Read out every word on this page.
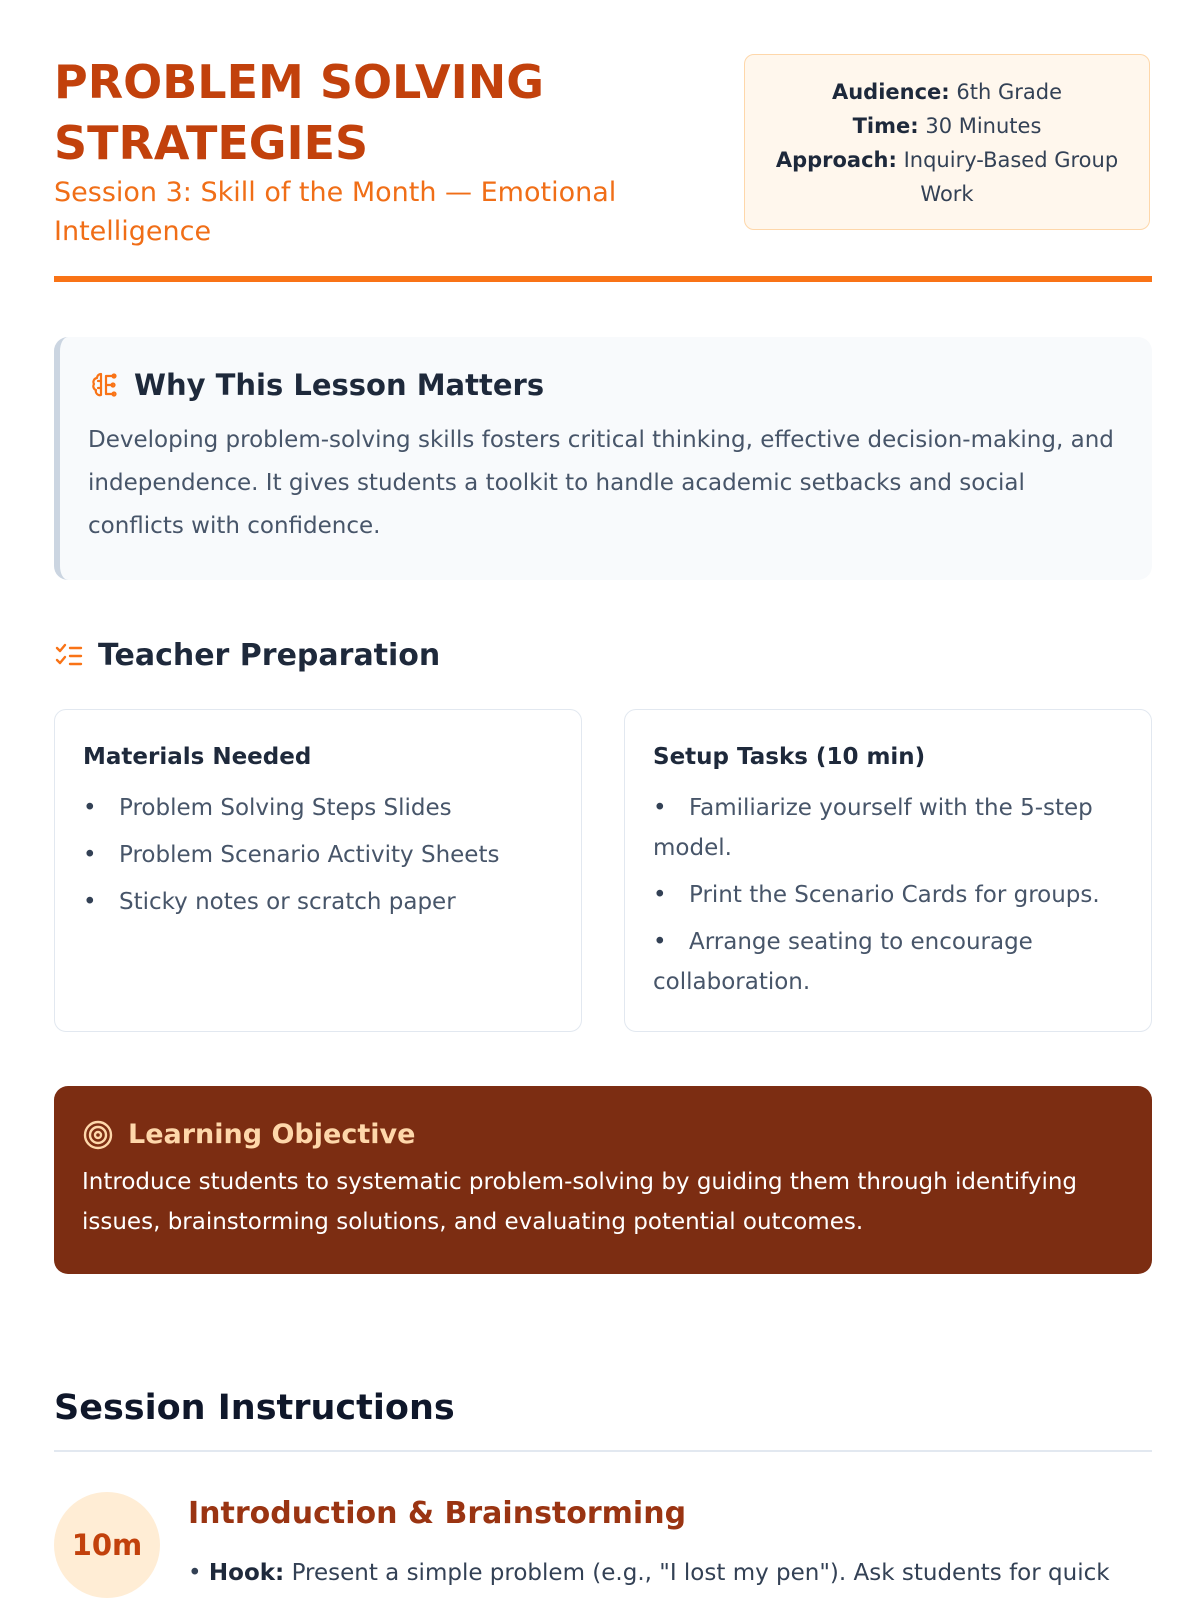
PROBLEM SOLVING STRATEGIES
Session 3: Skill of the Month — Emotional Intelligence
Audience: 6th Grade
Time: 30 Minutes
Approach: Inquiry-Based Group Work
Why This Lesson Matters

Developing problem-solving skills fosters critical thinking, effective decision-making, and independence. It gives students a toolkit to handle academic setbacks and social conflicts with confidence.

Teacher Preparation
Materials Needed
• Problem Solving Steps Slides
• Problem Scenario Activity Sheets
• Sticky notes or scratch paper
Setup Tasks (10 min)
• Familiarize yourself with the 5-step model.
• Print the Scenario Cards for groups.
• Arrange seating to encourage collaboration.
Learning Objective

Introduce students to systematic problem-solving by guiding them through identifying issues, brainstorming solutions, and evaluating potential outcomes.

Session Instructions
10m
Introduction & Brainstorming
• Hook: Present a simple problem (e.g., "I lost my pen"). Ask students for quick
